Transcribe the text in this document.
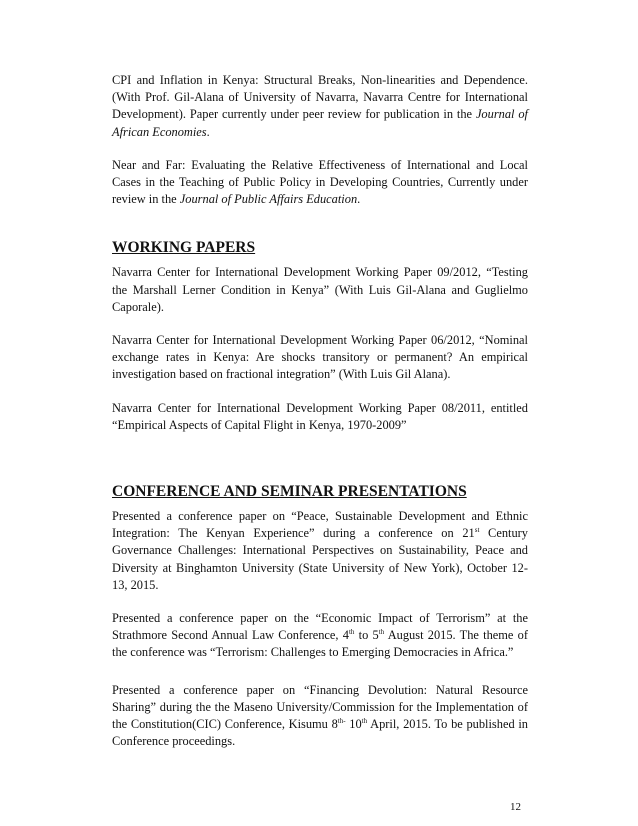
CPI and Inflation in Kenya: Structural Breaks, Non-linearities and Dependence. (With Prof. Gil-Alana of University of Navarra, Navarra Centre for International Development). Paper currently under peer review for publication in the Journal of African Economies.

Near and Far: Evaluating the Relative Effectiveness of International and Local Cases in the Teaching of Public Policy in Developing Countries, Currently under review in the Journal of Public Affairs Education.

WORKING PAPERS

Navarra Center for International Development Working Paper 09/2012, “Testing the Marshall Lerner Condition in Kenya” (With Luis Gil-Alana and Guglielmo Caporale).

Navarra Center for International Development Working Paper 06/2012, “Nominal exchange rates in Kenya: Are shocks transitory or permanent? An empirical investigation based on fractional integration” (With Luis Gil Alana).

Navarra Center for International Development Working Paper 08/2011, entitled “Empirical Aspects of Capital Flight in Kenya, 1970-2009”

CONFERENCE AND SEMINAR PRESENTATIONS

Presented a conference paper on “Peace, Sustainable Development and Ethnic Integration: The Kenyan Experience” during a conference on 21st Century Governance Challenges: International Perspectives on Sustainability, Peace and Diversity at Binghamton University (State University of New York), October 12-13, 2015.

Presented a conference paper on the “Economic Impact of Terrorism” at the Strathmore Second Annual Law Conference, 4th to 5th August 2015. The theme of the conference was “Terrorism: Challenges to Emerging Democracies in Africa.”

Presented a conference paper on “Financing Devolution: Natural Resource Sharing” during the the Maseno University/Commission for the Implementation of the Constitution(CIC) Conference, Kisumu $8^{th-}$ 10th April, 2015. To be published in Conference proceedings.

12
